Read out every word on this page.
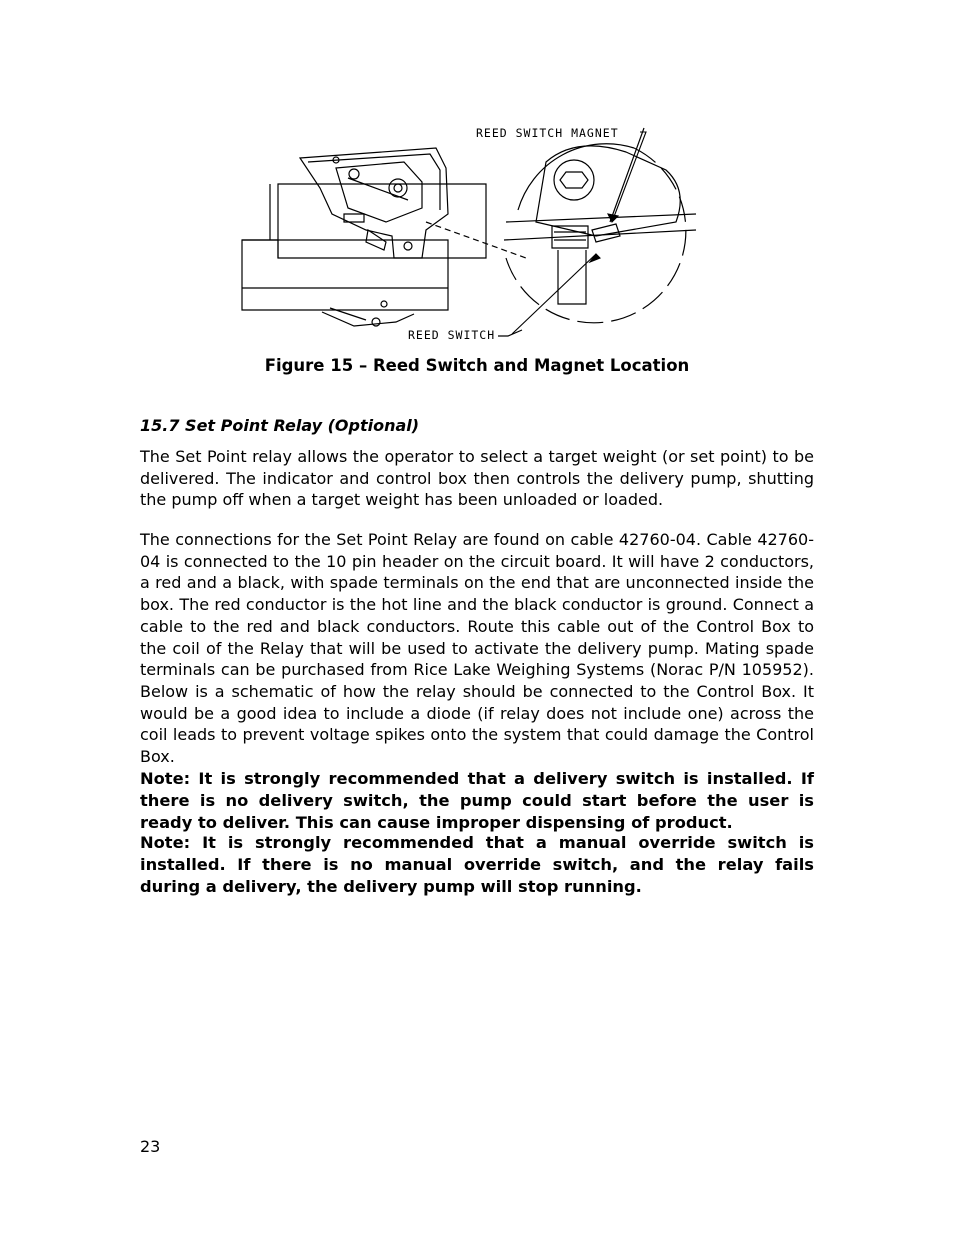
REED SWITCH MAGNET
REED SWITCH
Figure 15 – Reed Switch and Magnet Location
15.7 Set Point Relay (Optional)

The Set Point relay allows the operator to select a target weight (or set point) to be delivered. The indicator and control box then controls the delivery pump, shutting the pump off when a target weight has been unloaded or loaded.

The connections for the Set Point Relay are found on cable 42760-04. Cable 42760-04 is connected to the 10 pin header on the circuit board. It will have 2 conductors, a red and a black, with spade terminals on the end that are unconnected inside the box. The red conductor is the hot line and the black conductor is ground. Connect a cable to the red and black conductors. Route this cable out of the Control Box to the coil of the Relay that will be used to activate the delivery pump. Mating spade terminals can be purchased from Rice Lake Weighing Systems (Norac P/N 105952). Below is a schematic of how the relay should be connected to the Control Box. It would be a good idea to include a diode (if relay does not include one) across the coil leads to prevent voltage spikes onto the system that could damage the Control Box.

Note: It is strongly recommended that a delivery switch is installed. If there is no delivery switch, the pump could start before the user is ready to deliver. This can cause improper dispensing of product.

Note: It is strongly recommended that a manual override switch is installed. If there is no manual override switch, and the relay fails during a delivery, the delivery pump will stop running.

23
